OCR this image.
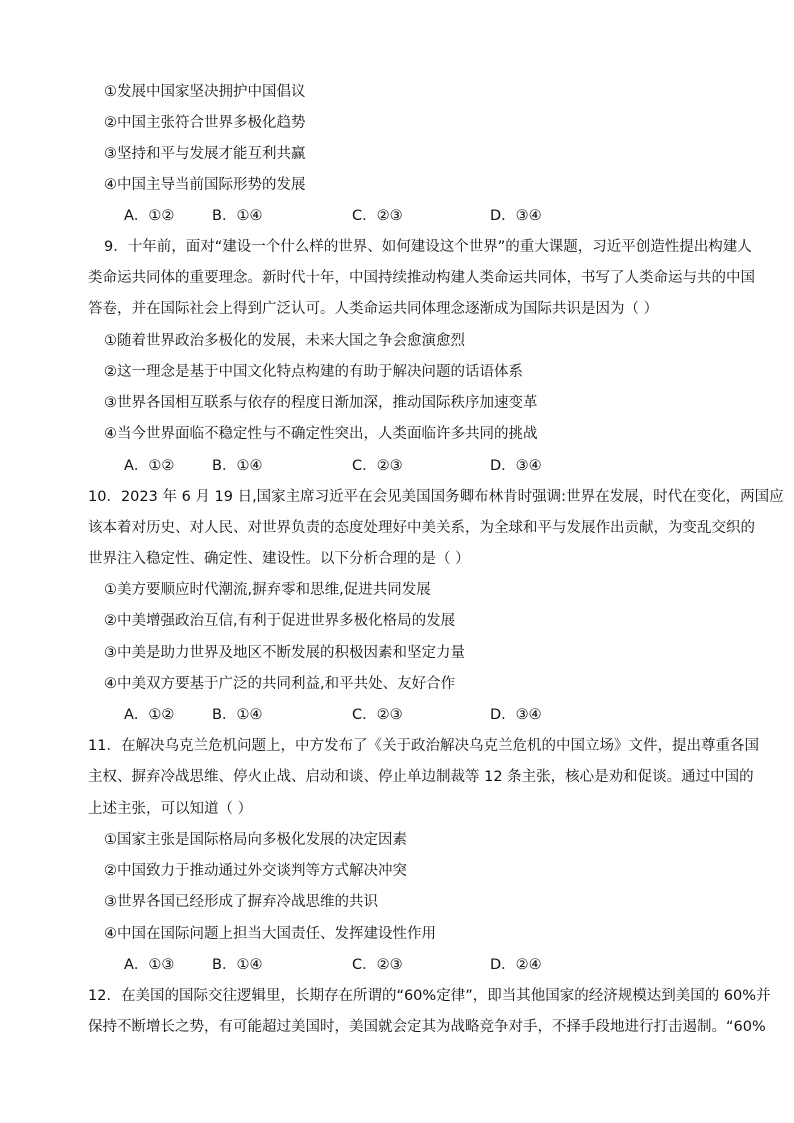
①发展中国家坚决拥护中国倡议
②中国主张符合世界多极化趋势
③坚持和平与发展才能互利共赢
④中国主导当前国际形势的发展
A．①②	B．①④	C．②③	D．③④
9．十年前，面对“建设一个什么样的世界、如何建设这个世界”的重大课题，习近平创造性提出构建人
类命运共同体的重要理念。新时代十年，中国持续推动构建人类命运共同体，书写了人类命运与共的中国
答卷，并在国际社会上得到广泛认可。人类命运共同体理念逐渐成为国际共识是因为（ ）
①随着世界政治多极化的发展，未来大国之争会愈演愈烈
②这一理念是基于中国文化特点构建的有助于解决问题的话语体系
③世界各国相互联系与依存的程度日渐加深，推动国际秩序加速变革
④当今世界面临不稳定性与不确定性突出，人类面临许多共同的挑战
A．①②	B．①④	C．②③	D．③④
10．2023 年 6 月 19 日,国家主席习近平在会见美国国务卿布林肯时强调:世界在发展，时代在变化，两国应
该本着对历史、对人民、对世界负责的态度处理好中美关系，为全球和平与发展作出贡献，为变乱交织的
世界注入稳定性、确定性、建设性。以下分析合理的是（ ）
①美方要顺应时代潮流,摒弃零和思维,促进共同发展
②中美增强政治互信,有利于促进世界多极化格局的发展
③中美是助力世界及地区不断发展的积极因素和坚定力量
④中美双方要基于广泛的共同利益,和平共处、友好合作
A．①②	B．①④	C．②③	D．③④
11．在解决乌克兰危机问题上，中方发布了《关于政治解决乌克兰危机的中国立场》文件，提出尊重各国
主权、摒弃冷战思维、停火止战、启动和谈、停止单边制裁等 12 条主张，核心是劝和促谈。通过中国的
上述主张，可以知道（ ）
①国家主张是国际格局向多极化发展的决定因素
②中国致力于推动通过外交谈判等方式解决冲突
③世界各国已经形成了摒弃冷战思维的共识
④中国在国际问题上担当大国责任、发挥建设性作用
A．①③	B．①④	C．②③	D．②④
12．在美国的国际交往逻辑里，长期存在所谓的“60%定律”，即当其他国家的经济规模达到美国的 60%并
保持不断增长之势，有可能超过美国时，美国就会定其为战略竞争对手，不择手段地进行打击遏制。“60%
